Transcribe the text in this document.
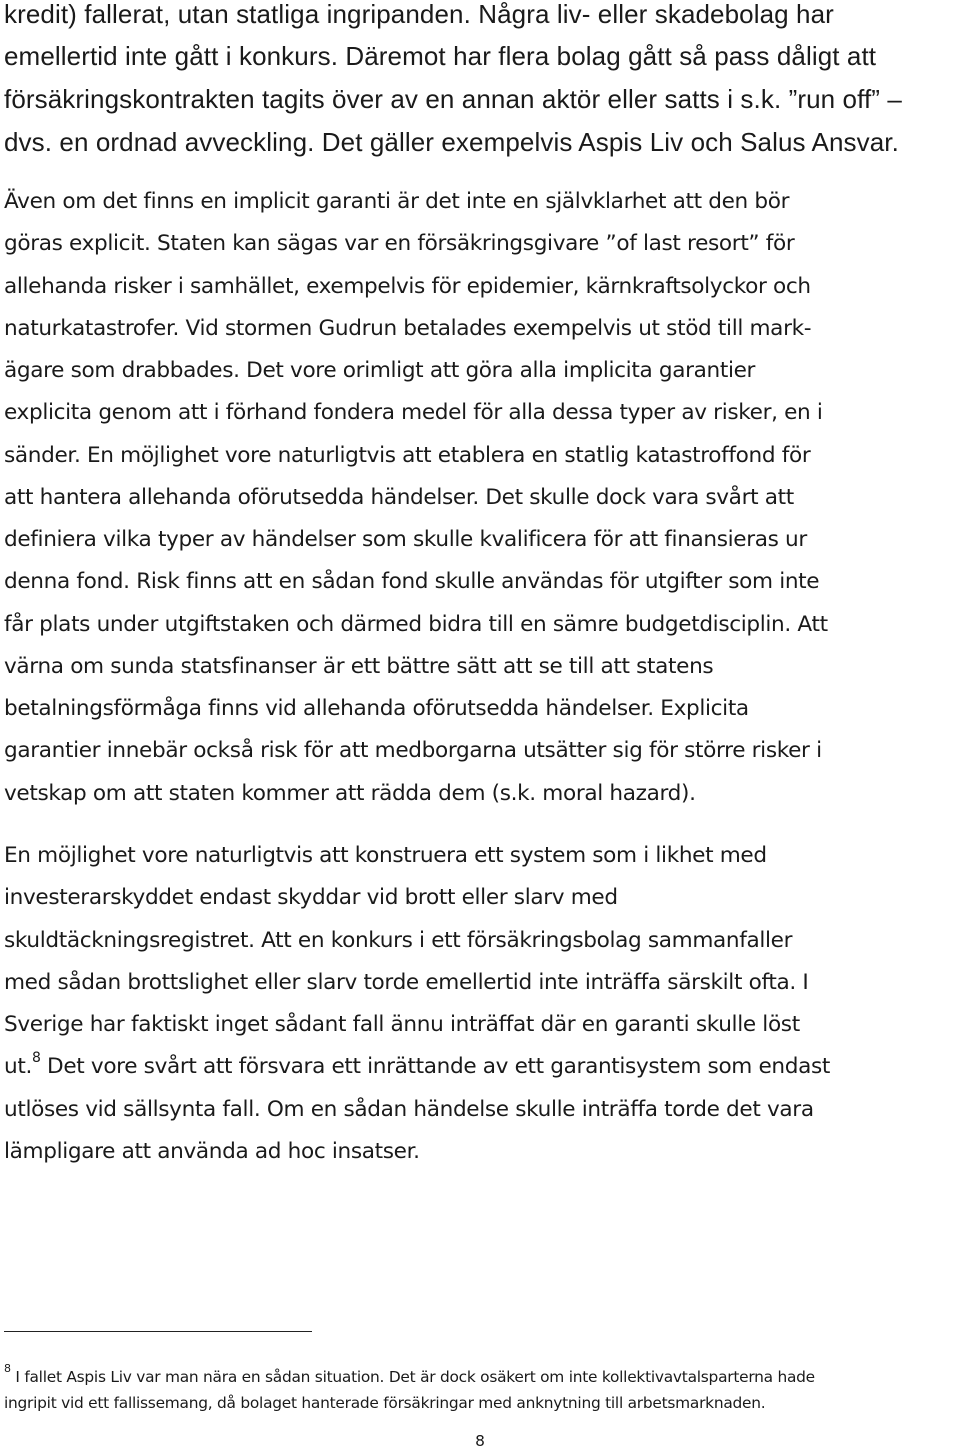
kredit) fallerat, utan statliga ingripanden. Några liv- eller skadebolag har

emellertid inte gått i konkurs. Däremot har flera bolag gått så pass dåligt att

försäkringskontrakten tagits över av en annan aktör eller satts i s.k. ”run off” –

dvs. en ordnad avveckling. Det gäller exempelvis Aspis Liv och Salus Ansvar.

Även om det finns en implicit garanti är det inte en självklarhet att den bör

göras explicit. Staten kan sägas var en försäkringsgivare ”of last resort” för

allehanda risker i samhället, exempelvis för epidemier, kärnkraftsolyckor och

naturkatastrofer. Vid stormen Gudrun betalades exempelvis ut stöd till mark-

ägare som drabbades. Det vore orimligt att göra alla implicita garantier

explicita genom att i förhand fondera medel för alla dessa typer av risker, en i

sänder. En möjlighet vore naturligtvis att etablera en statlig katastroffond för

att hantera allehanda oförutsedda händelser. Det skulle dock vara svårt att

definiera vilka typer av händelser som skulle kvalificera för att finansieras ur

denna fond. Risk finns att en sådan fond skulle användas för utgifter som inte

får plats under utgiftstaken och därmed bidra till en sämre budgetdisciplin. Att

värna om sunda statsfinanser är ett bättre sätt att se till att statens

betalningsförmåga finns vid allehanda oförutsedda händelser. Explicita

garantier innebär också risk för att medborgarna utsätter sig för större risker i

vetskap om att staten kommer att rädda dem (s.k. moral hazard).

En möjlighet vore naturligtvis att konstruera ett system som i likhet med

investerarskyddet endast skyddar vid brott eller slarv med

skuldtäckningsregistret. Att en konkurs i ett försäkringsbolag sammanfaller

med sådan brottslighet eller slarv torde emellertid inte inträffa särskilt ofta. I

Sverige har faktiskt inget sådant fall ännu inträffat där en garanti skulle löst

ut.$^8$ Det vore svårt att försvara ett inrättande av ett garantisystem som endast

utlöses vid sällsynta fall. Om en sådan händelse skulle inträffa torde det vara

lämpligare att använda ad hoc insatser.

$^8$ I fallet Aspis Liv var man nära en sådan situation. Det är dock osäkert om inte kollektivavtalsparterna hade

ingripit vid ett fallissemang, då bolaget hanterade försäkringar med anknytning till arbetsmarknaden.

8
